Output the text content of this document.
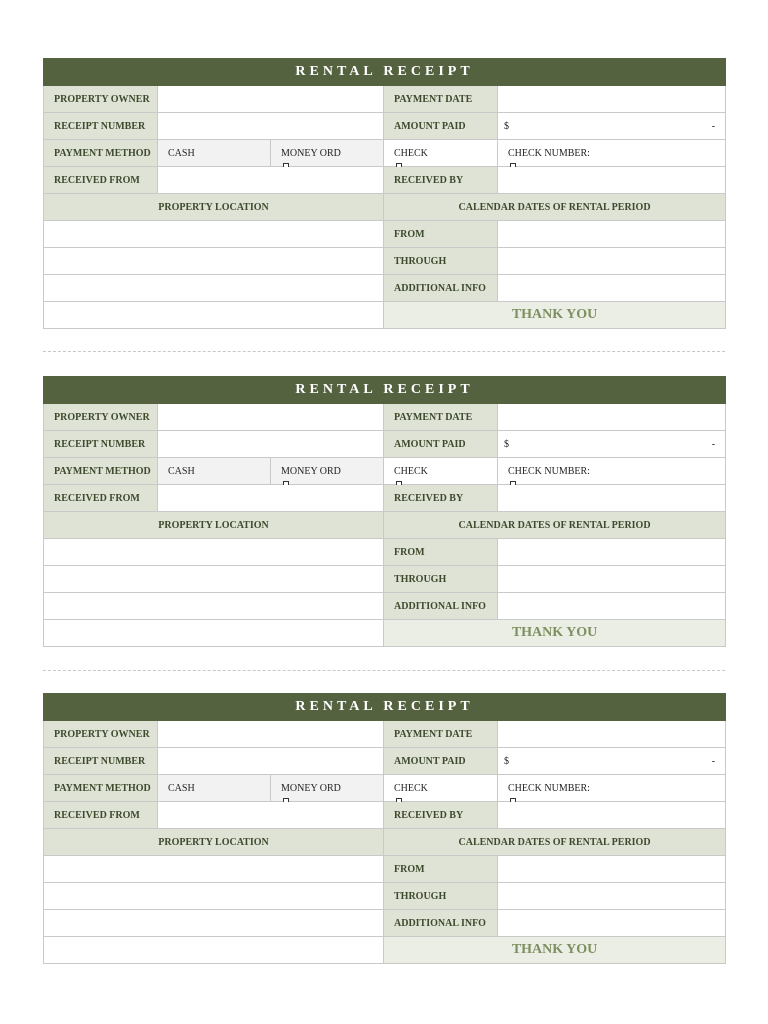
RENTAL RECEIPT				
PROPERTY OWNER			PAYMENT DATE	
RECEIPT NUMBER			AMOUNT PAID	$ -

PAYMENT METHOD	CASH	MONEY ORD	CHECK	CHECK NUMBER:

RECEIVED FROM			RECEIVED BY	
PROPERTY LOCATION			CALENDAR DATES OF RENTAL PERIOD	
			FROM	
			THROUGH	
			ADDITIONAL INFO	
			THANK YOU	
RENTAL RECEIPT				
PROPERTY OWNER			PAYMENT DATE	
RECEIPT NUMBER			AMOUNT PAID	$ -

PAYMENT METHOD	CASH	MONEY ORD	CHECK	CHECK NUMBER:

RECEIVED FROM			RECEIVED BY	
PROPERTY LOCATION			CALENDAR DATES OF RENTAL PERIOD	
			FROM	
			THROUGH	
			ADDITIONAL INFO	
			THANK YOU	
RENTAL RECEIPT				
PROPERTY OWNER			PAYMENT DATE	
RECEIPT NUMBER			AMOUNT PAID	$ -

PAYMENT METHOD	CASH	MONEY ORD	CHECK	CHECK NUMBER:

RECEIVED FROM			RECEIVED BY	
PROPERTY LOCATION			CALENDAR DATES OF RENTAL PERIOD	
			FROM	
			THROUGH	
			ADDITIONAL INFO	
			THANK YOU	
